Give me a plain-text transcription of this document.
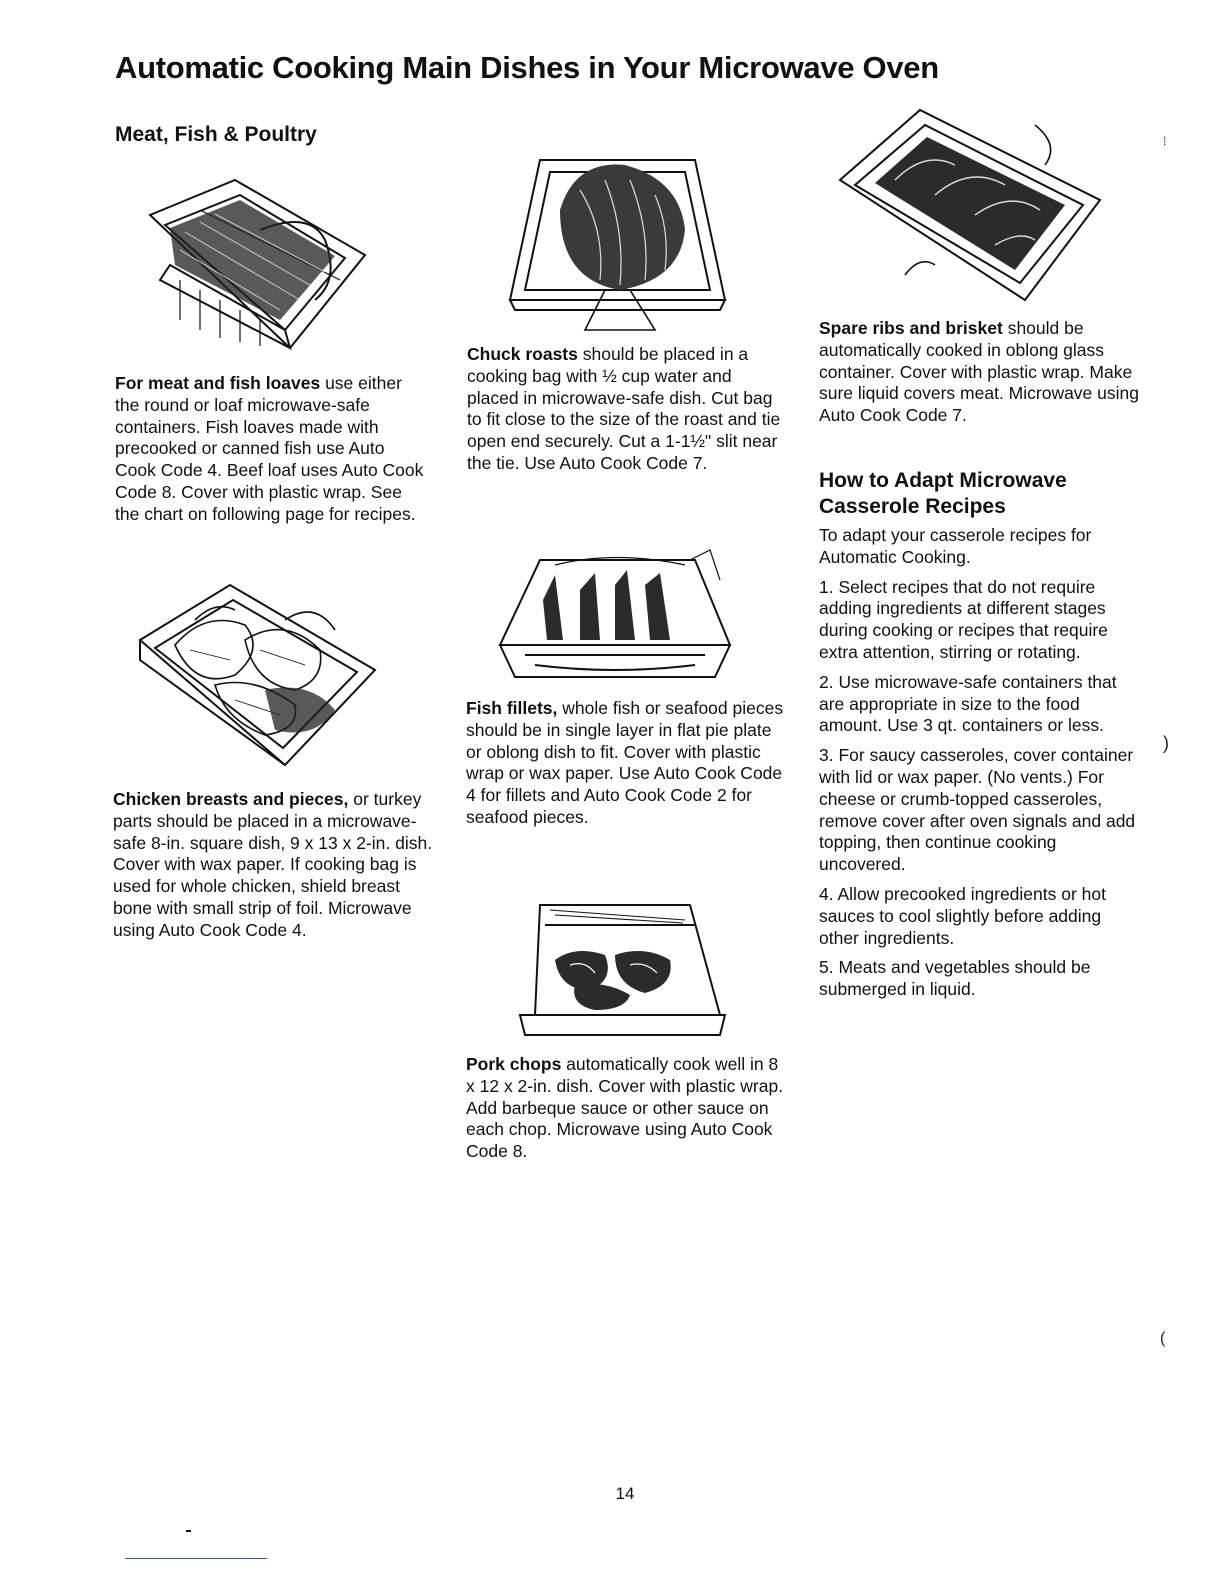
Automatic Cooking Main Dishes in Your Microwave Oven
Meat, Fish & Poultry

For meat and fish loaves use either the round or loaf microwave-safe containers. Fish loaves made with precooked or canned fish use Auto Cook Code 4. Beef loaf uses Auto Cook Code 8. Cover with plastic wrap. See the chart on following page for recipes.

Chicken breasts and pieces, or turkey parts should be placed in a microwave-safe 8-in. square dish, 9 x 13 x 2-in. dish. Cover with wax paper. If cooking bag is used for whole chicken, shield breast bone with small strip of foil. Microwave using Auto Cook Code 4.

Chuck roasts should be placed in a cooking bag with ½ cup water and placed in microwave-safe dish. Cut bag to fit close to the size of the roast and tie open end securely. Cut a 1-1½" slit near the tie. Use Auto Cook Code 7.

Fish fillets, whole fish or seafood pieces should be in single layer in flat pie plate or oblong dish to fit. Cover with plastic wrap or wax paper. Use Auto Cook Code 4 for fillets and Auto Cook Code 2 for seafood pieces.

Pork chops automatically cook well in 8 x 12 x 2-in. dish. Cover with plastic wrap. Add barbeque sauce or other sauce on each chop. Microwave using Auto Cook Code 8.

Spare ribs and brisket should be automatically cooked in oblong glass container. Cover with plastic wrap. Make sure liquid covers meat. Microwave using Auto Cook Code 7.

How to Adapt Microwave Casserole Recipes

To adapt your casserole recipes for Automatic Cooking.

1. Select recipes that do not require adding ingredients at different stages during cooking or recipes that require extra attention, stirring or rotating.

2. Use microwave-safe containers that are appropriate in size to the food amount. Use 3 qt. containers or less.

3. For saucy casseroles, cover container with lid or wax paper. (No vents.) For cheese or crumb-topped casseroles, remove cover after oven signals and add topping, then continue cooking uncovered.

4. Allow precooked ingredients or hot sauces to cool slightly before adding other ingredients.

5. Meats and vegetables should be submerged in liquid.

⁞
)
(
14
